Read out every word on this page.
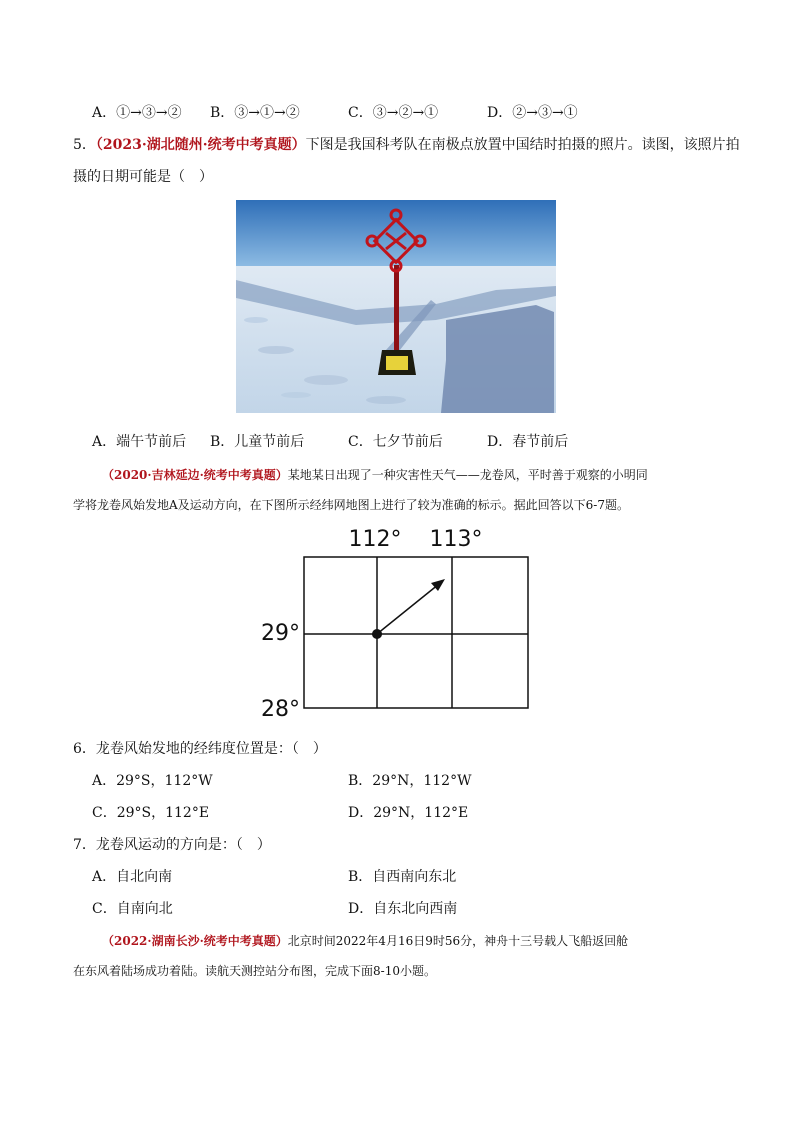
A．①→③→② B．③→①→②	C．③→②→①	D．②→③→①
5．（2023·湖北随州·统考中考真题）下图是我国科考队在南极点放置中国结时拍摄的照片。读图，该照片拍
摄的日期可能是（　）
A．端午节前后 B．儿童节前后	C．七夕节前后	D．春节前后
（2020·吉林延边·统考中考真题）某地某日出现了一种灾害性天气——龙卷风，平时善于观察的小明同
学将龙卷风始发地A及运动方向，在下图所示经纬网地图上进行了较为准确的标示。据此回答以下6-7题。
112° 113°
29°
28°
6．龙卷风始发地的经纬度位置是：（　）
A．29°S，112°W	B．29°N，112°W
C．29°S，112°E	D．29°N，112°E
7．龙卷风运动的方向是：（　）
A．自北向南	B．自西南向东北
C．自南向北	D．自东北向西南
（2022·湖南长沙·统考中考真题）北京时间2022年4月16日9时56分，神舟十三号载人飞船返回舱
在东风着陆场成功着陆。读航天测控站分布图，完成下面8-10小题。
